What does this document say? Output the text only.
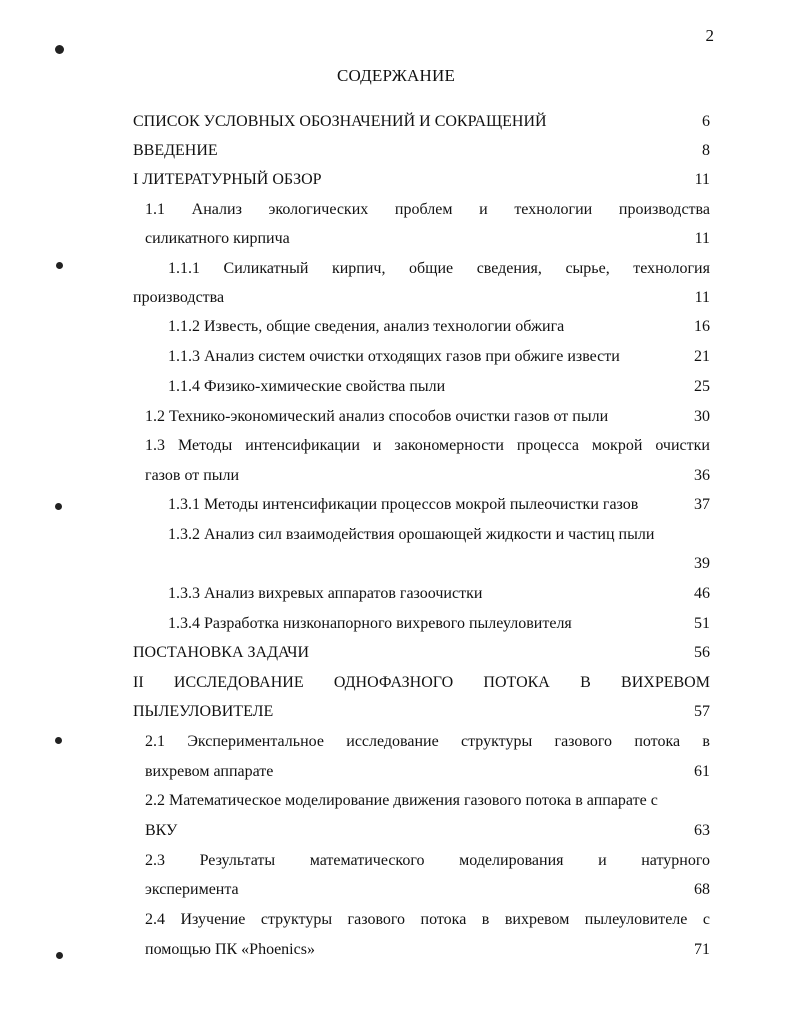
2
СОДЕРЖАНИЕ
СПИСОК УСЛОВНЫХ ОБОЗНАЧЕНИЙ И СОКРАЩЕНИЙ	6
ВВЕДЕНИЕ	8
I ЛИТЕРАТУРНЫЙ ОБЗОР	11
1.1 Анализ экологических проблем и технологии производства
силикатного кирпича	11
1.1.1 Силикатный кирпич, общие сведения, сырье, технология
производства	11
1.1.2 Известь, общие сведения, анализ технологии обжига	16
1.1.3 Анализ систем очистки отходящих газов при обжиге извести	21
1.1.4 Физико-химические свойства пыли	25
1.2 Технико-экономический анализ способов очистки газов от пыли	30
1.3 Методы интенсификации и закономерности процесса мокрой очистки
газов от пыли	36
1.3.1 Методы интенсификации процессов мокрой пылеочистки газов	37
1.3.2 Анализ сил взаимодействия орошающей жидкости и частиц пыли
39
1.3.3 Анализ вихревых аппаратов газоочистки	46
1.3.4 Разработка низконапорного вихревого пылеуловителя	51
ПОСТАНОВКА ЗАДАЧИ	56
II ИССЛЕДОВАНИЕ ОДНОФАЗНОГО ПОТОКА В ВИХРЕВОМ
ПЫЛЕУЛОВИТЕЛЕ	57
2.1 Экспериментальное исследование структуры газового потока в
вихревом аппарате	61
2.2 Математическое моделирование движения газового потока в аппарате с
ВКУ	63
2.3 Результаты математического моделирования и натурного
эксперимента	68
2.4 Изучение структуры газового потока в вихревом пылеуловителе с
помощью ПК «Phoenics»	71
